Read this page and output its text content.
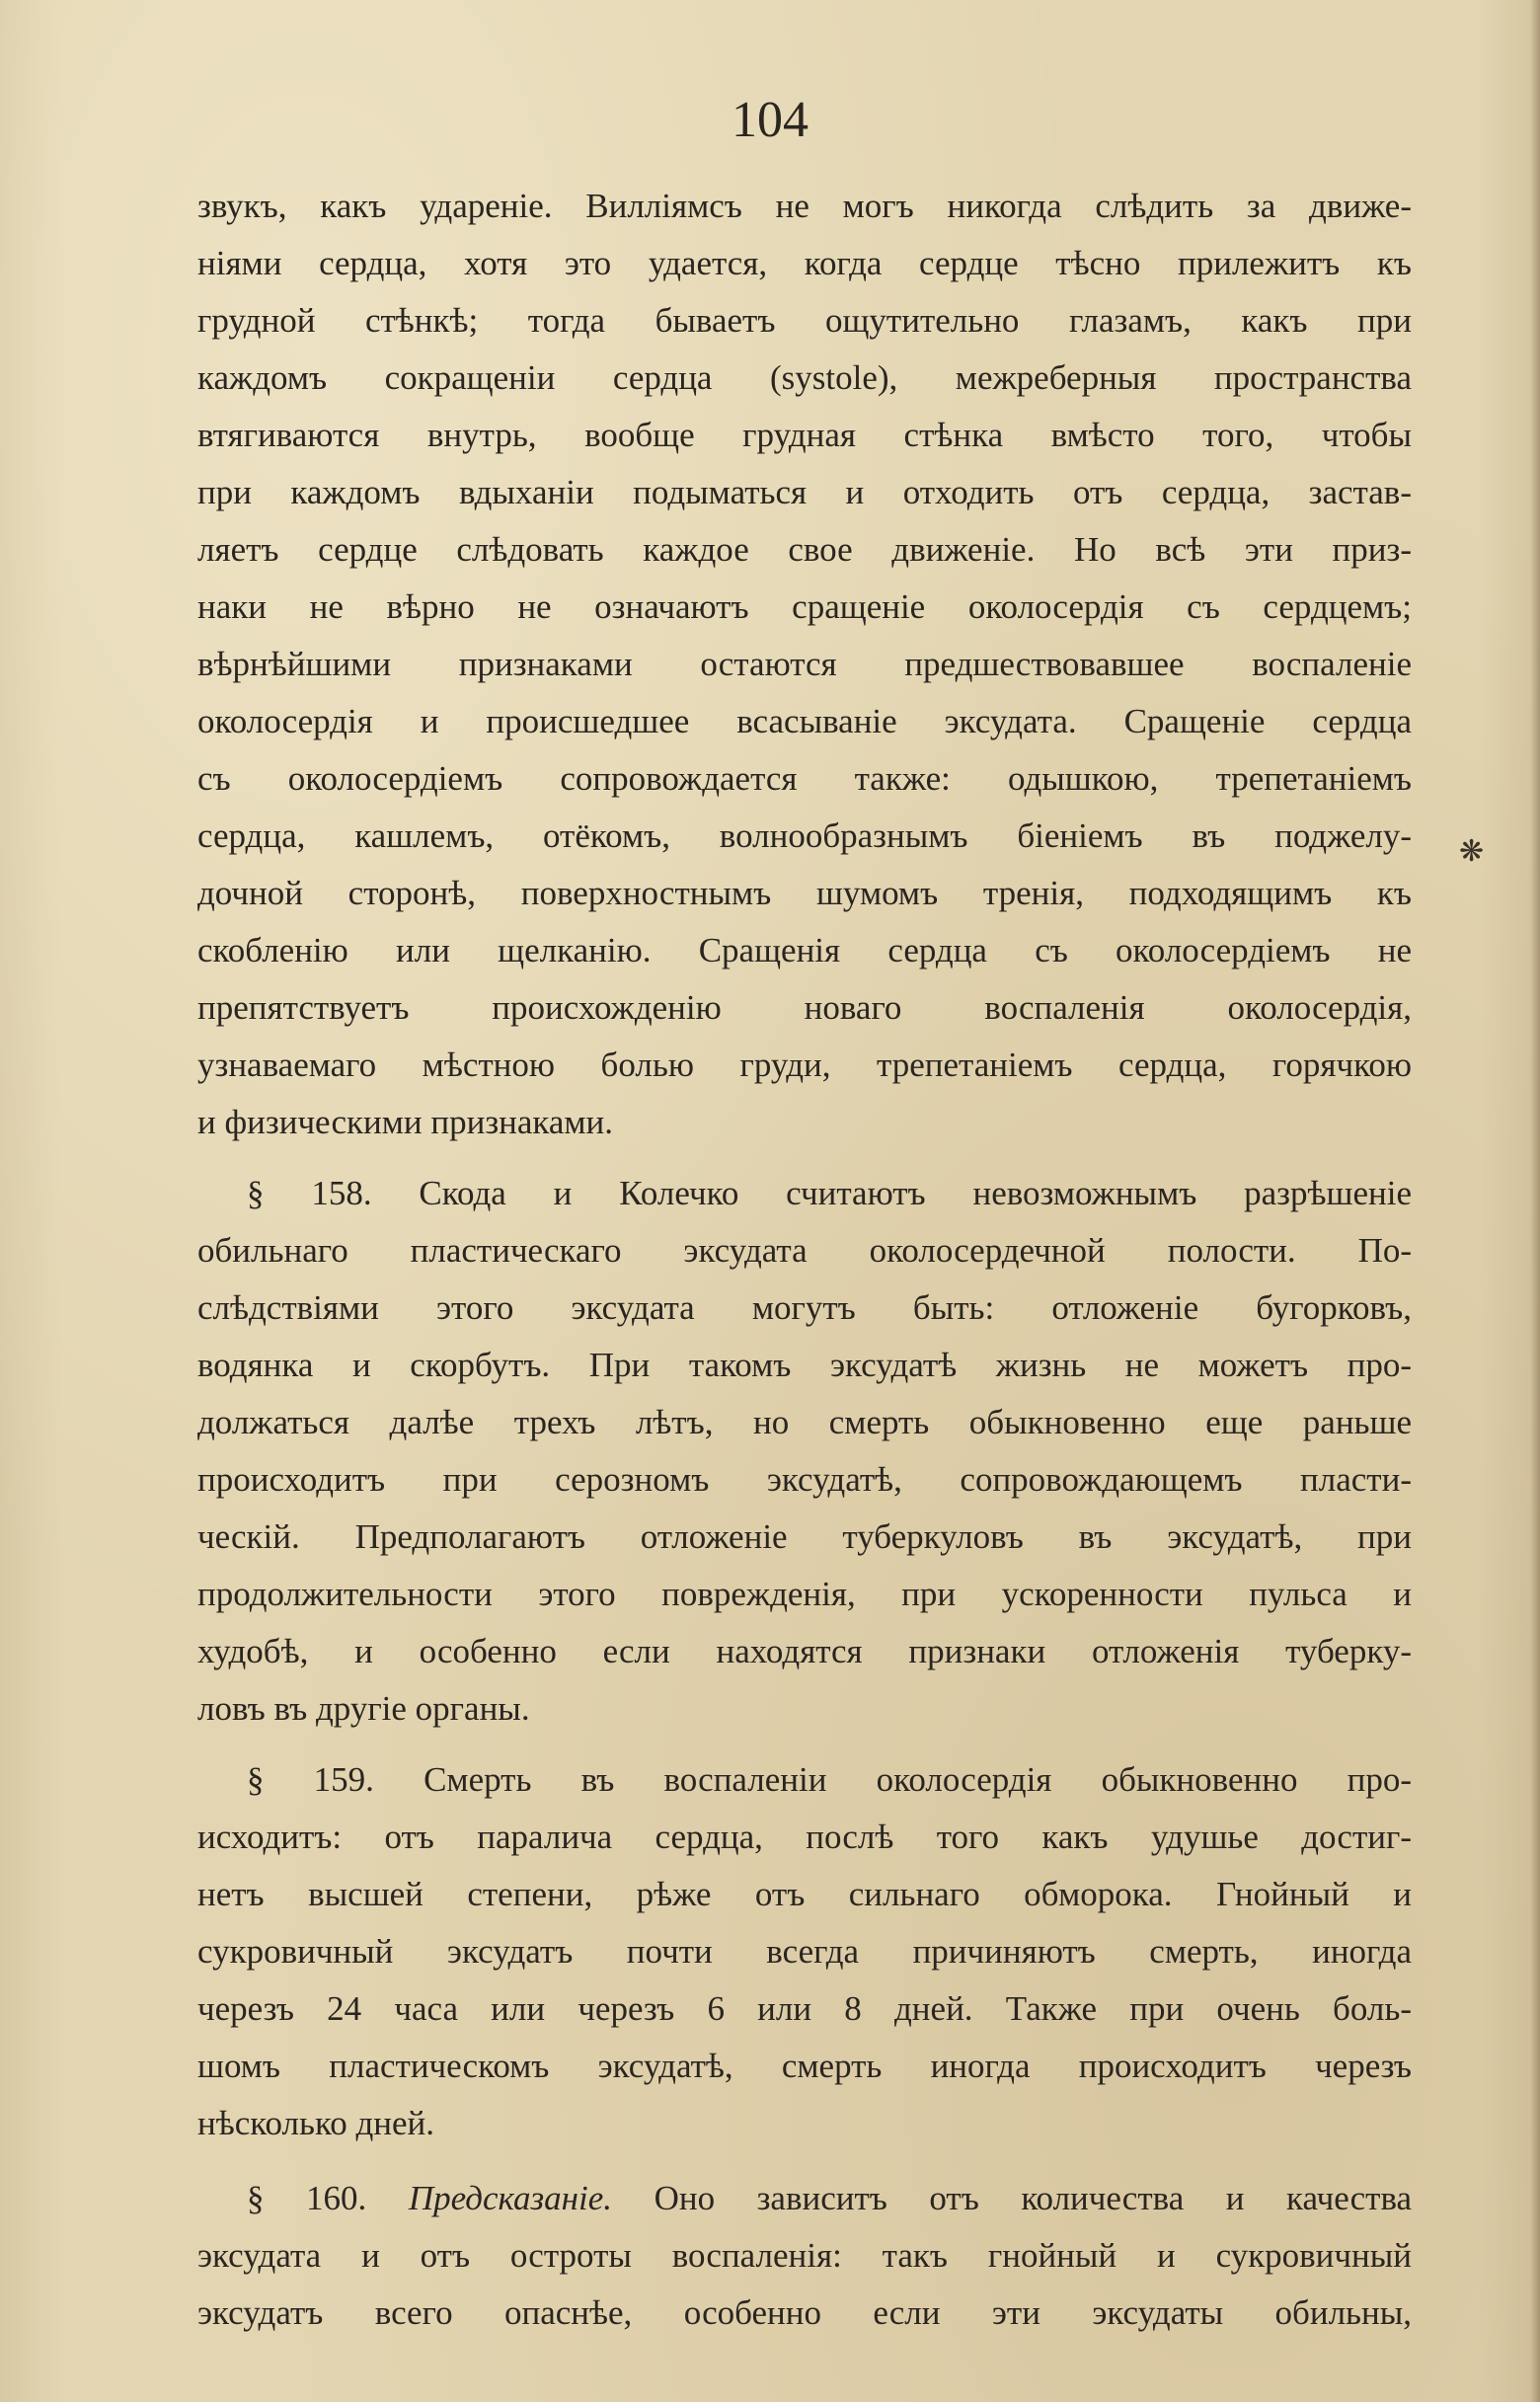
104
звукъ, какъ удареніе. Вилліямсъ не могъ никогда слѣдить за движе-
ніями сердца, хотя это удается, когда сердце тѣсно прилежитъ къ
грудной стѣнкѣ; тогда бываетъ ощутительно глазамъ, какъ при
каждомъ сокращеніи сердца (systole), межреберныя пространства
втягиваются внутрь, вообще грудная стѣнка вмѣсто того, чтобы
при каждомъ вдыханіи подыматься и отходить отъ сердца, застав-
ляетъ сердце слѣдовать каждое свое движеніе. Но всѣ эти приз-
наки не вѣрно не означаютъ сращеніе околосердія съ сердцемъ;
вѣрнѣйшими признаками остаются предшествовавшее воспаленіе
околосердія и происшедшее всасываніе эксудата. Сращеніе сердца
съ околосердіемъ сопровождается также: одышкою, трепетаніемъ
сердца, кашлемъ, отёкомъ, волнообразнымъ біеніемъ въ поджелу-
дочной сторонѣ, поверхностнымъ шумомъ тренія, подходящимъ къ
скобленію или щелканію. Сращенія сердца съ околосердіемъ не
препятствуетъ происхожденію новаго воспаленія околосердія,
узнаваемаго мѣстною болью груди, трепетаніемъ сердца, горячкою
и физическими признаками.
§ 158. Скода и Колечко считаютъ невозможнымъ разрѣшеніе
обильнаго пластическаго эксудата околосердечной полости. По-
слѣдствіями этого эксудата могутъ быть: отложеніе бугорковъ,
водянка и скорбутъ. При такомъ эксудатѣ жизнь не можетъ про-
должаться далѣе трехъ лѣтъ, но смерть обыкновенно еще раньше
происходитъ при серозномъ эксудатѣ, сопровождающемъ пласти-
ческій. Предполагаютъ отложеніе туберкуловъ въ эксудатѣ, при
продолжительности этого поврежденія, при ускоренности пульса и
худобѣ, и особенно если находятся признаки отложенія туберку-
ловъ въ другіе органы.
§ 159. Смерть въ воспаленіи околосердія обыкновенно про-
исходитъ: отъ паралича сердца, послѣ того какъ удушье достиг-
нетъ высшей степени, рѣже отъ сильнаго обморока. Гнойный и
сукровичный эксудатъ почти всегда причиняютъ смерть, иногда
черезъ 24 часа или черезъ 6 или 8 дней. Также при очень боль-
шомъ пластическомъ эксудатѣ, смерть иногда происходитъ черезъ
нѣсколько дней.
§ 160. Предсказаніе. Оно зависитъ отъ количества и качества
эксудата и отъ остроты воспаленія: такъ гнойный и сукровичный
эксудатъ всего опаснѣе, особенно если эти эксудаты обильны,
❋
